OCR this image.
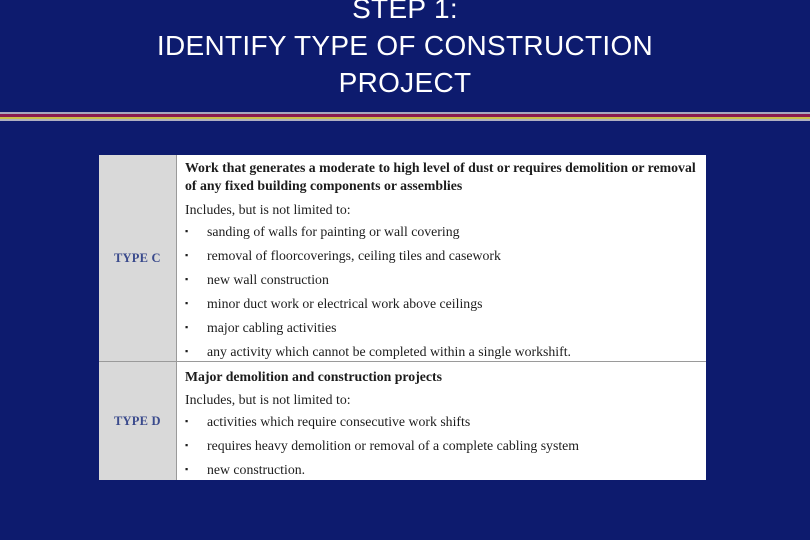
STEP 1:
IDENTIFY TYPE OF CONSTRUCTION
PROJECT
TYPE C
Work that generates a moderate to high level of dust or requires demolition or removal of any fixed building components or assemblies
Includes, but is not limited to:
▪	sanding of walls for painting or wall covering
▪	removal of floorcoverings, ceiling tiles and casework
▪	new wall construction
▪	minor duct work or electrical work above ceilings
▪	major cabling activities
▪	any activity which cannot be completed within a single workshift.
TYPE D
Major demolition and construction projects
Includes, but is not limited to:
▪	activities which require consecutive work shifts
▪	requires heavy demolition or removal of a complete cabling system
▪	new construction.
